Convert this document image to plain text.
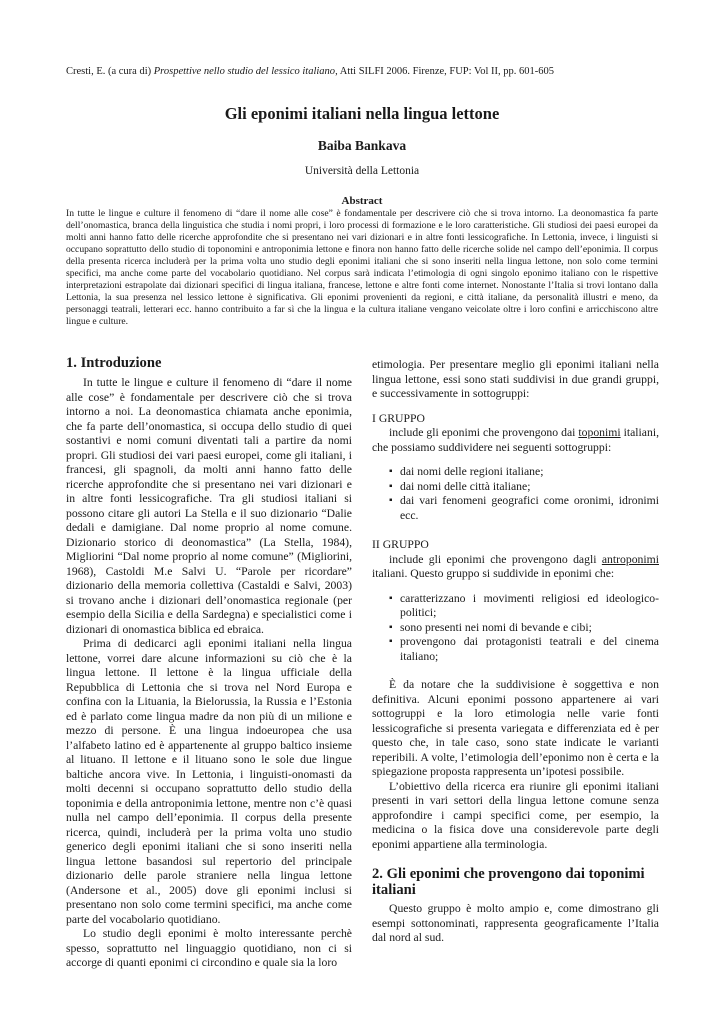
Cresti, E. (a cura di) Prospettive nello studio del lessico italiano, Atti SILFI 2006. Firenze, FUP: Vol II, pp. 601-605
Gli eponimi italiani nella lingua lettone
Baiba Bankava
Università della Lettonia
Abstract

In tutte le lingue e culture il fenomeno di “dare il nome alle cose” è fondamentale per descrivere ciò che si trova intorno. La deonomastica fa parte dell’onomastica, branca della linguistica che studia i nomi propri, i loro processi di formazione e le loro caratteristiche. Gli studiosi dei paesi europei da molti anni hanno fatto delle ricerche approfondite che si presentano nei vari dizionari e in altre fonti lessicografiche. In Lettonia, invece, i linguisti si occupano soprattutto dello studio di toponomini e antroponimia lettone e finora non hanno fatto delle ricerche solide nel campo dell’eponimia. Il corpus della presenta ricerca includerà per la prima volta uno studio degli eponimi italiani che si sono inseriti nella lingua lettone, non solo come termini specifici, ma anche come parte del vocabolario quotidiano. Nel corpus sarà indicata l’etimologia di ogni singolo eponimo italiano con le rispettive interpretazioni estrapolate dai dizionari specifici di lingua italiana, francese, lettone e altre fonti come internet. Nonostante l’Italia si trovi lontano dalla Lettonia, la sua presenza nel lessico lettone è significativa. Gli eponimi provenienti da regioni, e città italiane, da personalità illustri e meno, da personaggi teatrali, letterari ecc. hanno contribuito a far sì che la lingua e la cultura italiane vengano veicolate oltre i loro confini e arricchiscono altre lingue e culture.

1. Introduzione

In tutte le lingue e culture il fenomeno di “dare il nome alle cose” è fondamentale per descrivere ciò che si trova intorno a noi. La deonomastica chiamata anche eponimia, che fa parte dell’onomastica, si occupa dello studio di quei sostantivi e nomi comuni diventati tali a partire da nomi propri. Gli studiosi dei vari paesi europei, come gli italiani, i francesi, gli spagnoli, da molti anni hanno fatto delle ricerche approfondite che si presentano nei vari dizionari e in altre fonti lessicografiche. Tra gli studiosi italiani si possono citare gli autori La Stella e il suo dizionario “Dalie dedali e damigiane. Dal nome proprio al nome comune. Dizionario storico di deonomastica” (La Stella, 1984), Migliorini “Dal nome proprio al nome comune” (Migliorini, 1968), Castoldi M.e Salvi U. “Parole per ricordare” dizionario della memoria collettiva (Castaldi e Salvi, 2003) si trovano anche i dizionari dell’onomastica regionale (per esempio della Sicilia e della Sardegna) e specialistici come i dizionari di onomastica biblica ed ebraica.

Prima di dedicarci agli eponimi italiani nella lingua lettone, vorrei dare alcune informazioni su ciò che è la lingua lettone. Il lettone è la lingua ufficiale della Repubblica di Lettonia che si trova nel Nord Europa e confina con la Lituania, la Bielorussia, la Russia e l’Estonia ed è parlato come lingua madre da non più di un milione e mezzo di persone. È una lingua indoeuropea che usa l’alfabeto latino ed è appartenente al gruppo baltico insieme al lituano. Il lettone e il lituano sono le sole due lingue baltiche ancora vive. In Lettonia, i linguisti-onomasti da molti decenni si occupano soprattutto dello studio della toponimia e della antroponimia lettone, mentre non c’è quasi nulla nel campo dell’eponimia. Il corpus della presente ricerca, quindi, includerà per la prima volta uno studio generico degli eponimi italiani che si sono inseriti nella lingua lettone basandosi sul repertorio del principale dizionario delle parole straniere nella lingua lettone (Andersone et al., 2005) dove gli eponimi inclusi si presentano non solo come termini specifici, ma anche come parte del vocabolario quotidiano.

Lo studio degli eponimi è molto interessante perchè spesso, soprattutto nel linguaggio quotidiano, non ci si accorge di quanti eponimi ci circondino e quale sia la loro

etimologia. Per presentare meglio gli eponimi italiani nella lingua lettone, essi sono stati suddivisi in due grandi gruppi, e successivamente in sottogruppi:

I GRUPPO

include gli eponimi che provengono dai toponimi italiani, che possiamo suddividere nei seguenti sottogruppi:

▪ dai nomi delle regioni italiane;
▪ dai nomi delle città italiane;
▪ dai vari fenomeni geografici come oronimi, idronimi ecc.

II GRUPPO

include gli eponimi che provengono dagli antroponimi italiani. Questo gruppo si suddivide in eponimi che:

▪ caratterizzano i movimenti religiosi ed ideologico-politici;
▪ sono presenti nei nomi di bevande e cibi;
▪ provengono dai protagonisti teatrali e del cinema italiano;

È da notare che la suddivisione è soggettiva e non definitiva. Alcuni eponimi possono appartenere ai vari sottogruppi e la loro etimologia nelle varie fonti lessicografiche si presenta variegata e differenziata ed è per questo che, in tale caso, sono state indicate le varianti reperibili. A volte, l’etimologia dell’eponimo non è certa e la spiegazione proposta rappresenta un’ipotesi possibile.

L’obiettivo della ricerca era riunire gli eponimi italiani presenti in vari settori della lingua lettone comune senza approfondire i campi specifici come, per esempio, la medicina o la fisica dove una considerevole parte degli eponimi appartiene alla terminologia.

2. Gli eponimi che provengono dai toponimi italiani

Questo gruppo è molto ampio e, come dimostrano gli esempi sottonominati, rappresenta geograficamente l’Italia dal nord al sud.
